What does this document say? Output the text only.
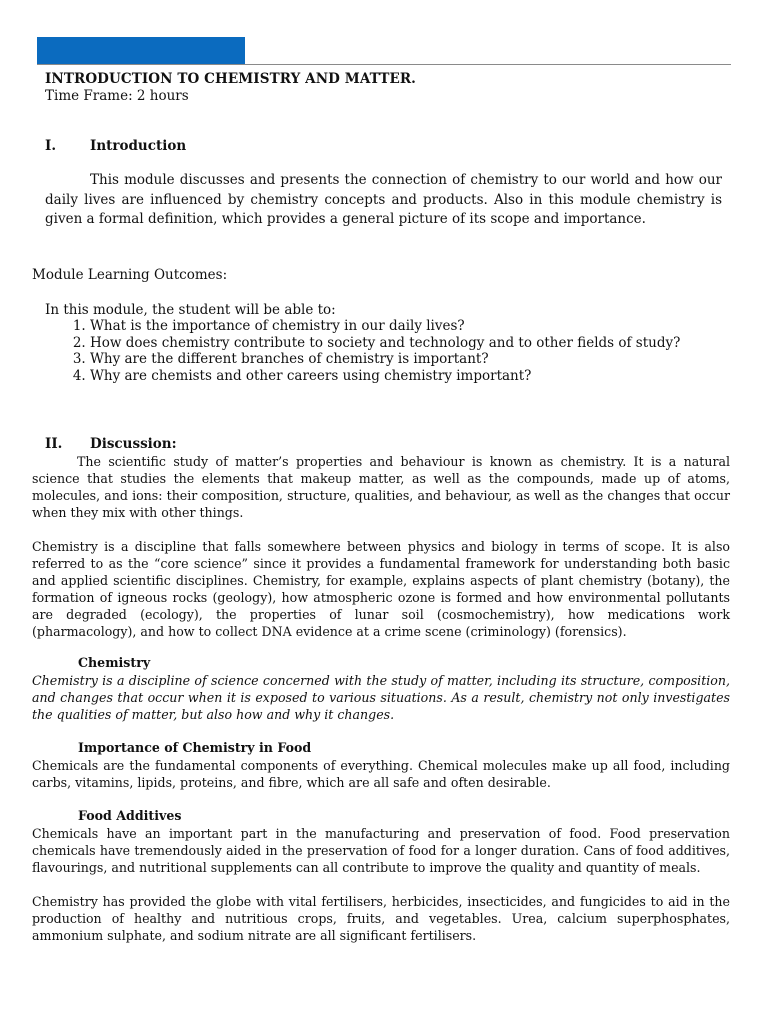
INTRODUCTION TO CHEMISTRY AND MATTER.

Time Frame: 2 hours

I.	Introduction

This module discusses and presents the connection of chemistry to our world and how our daily lives are influenced by chemistry concepts and products. Also in this module chemistry is given a formal definition, which provides a general picture of its scope and importance.

Module Learning Outcomes:

In this module, the student will be able to:

1. What is the importance of chemistry in our daily lives?
2. How does chemistry contribute to society and technology and to other fields of study?
3. Why are the different branches of chemistry is important?
4. Why are chemists and other careers using chemistry important?
II. Discussion:

The scientific study of matter’s properties and behaviour is known as chemistry. It is a natural science that studies the elements that makeup matter, as well as the compounds, made up of atoms, molecules, and ions: their composition, structure, qualities, and behaviour, as well as the changes that occur when they mix with other things.

Chemistry is a discipline that falls somewhere between physics and biology in terms of scope. It is also referred to as the “core science” since it provides a fundamental framework for understanding both basic and applied scientific disciplines. Chemistry, for example, explains aspects of plant chemistry (botany), the formation of igneous rocks (geology), how atmospheric ozone is formed and how environmental pollutants are degraded (ecology), the properties of lunar soil (cosmochemistry), how medications work (pharmacology), and how to collect DNA evidence at a crime scene (criminology) (forensics).

Chemistry

Chemistry is a discipline of science concerned with the study of matter, including its structure, composition, and changes that occur when it is exposed to various situations. As a result, chemistry not only investigates the qualities of matter, but also how and why it changes.

Importance of Chemistry in Food

Chemicals are the fundamental components of everything. Chemical molecules make up all food, including carbs, vitamins, lipids, proteins, and fibre, which are all safe and often desirable.

Food Additives

Chemicals have an important part in the manufacturing and preservation of food. Food preservation chemicals have tremendously aided in the preservation of food for a longer duration. Cans of food additives, flavourings, and nutritional supplements can all contribute to improve the quality and quantity of meals.

Chemistry has provided the globe with vital fertilisers, herbicides, insecticides, and fungicides to aid in the production of healthy and nutritious crops, fruits, and vegetables. Urea, calcium superphosphates, ammonium sulphate, and sodium nitrate are all significant fertilisers.
